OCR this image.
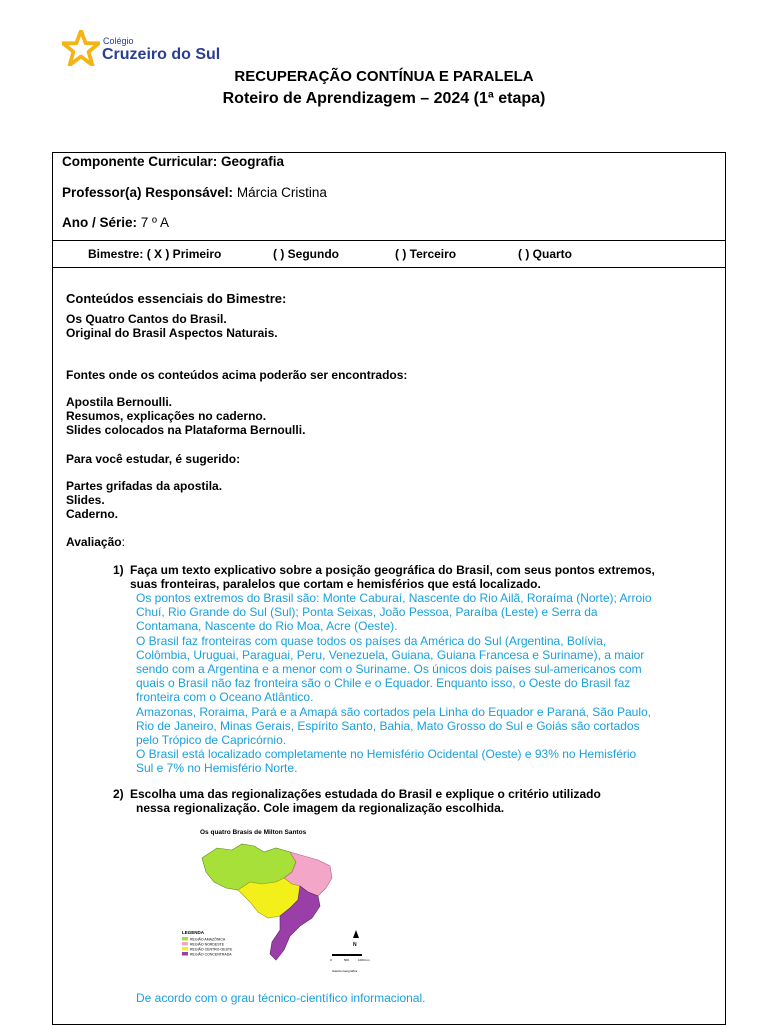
Colégio
Cruzeiro do Sul
RECUPERAÇÃO CONTÍNUA E PARALELA
Roteiro de Aprendizagem – 2024 (1ª etapa)
Componente Curricular: Geografia
Professor(a) Responsável: Márcia Cristina
Ano / Série: 7 º A
Bimestre: ( X ) Primeiro	( ) Segundo	( ) Terceiro	( ) Quarto
Conteúdos essenciais do Bimestre:
Os Quatro Cantos do Brasil.
Original do Brasil Aspectos Naturais.
Fontes onde os conteúdos acima poderão ser encontrados:
Apostila Bernoulli.
Resumos, explicações no caderno.
Slides colocados na Plataforma Bernoulli.
Para você estudar, é sugerido:
Partes grifadas da apostila.
Slides.
Caderno.
Avaliação:
1) Faça um texto explicativo sobre a posição geográfica do Brasil, com seus pontos extremos,
suas fronteiras, paralelos que cortam e hemisférios que está localizado.
Os pontos extremos do Brasil são: Monte Caburaí, Nascente do Rio Ailã, Roraíma (Norte); Arroio
Chuí, Rio Grande do Sul (Sul); Ponta Seixas, João Pessoa, Paraíba (Leste) e Serra da
Contamana, Nascente do Rio Moa, Acre (Oeste).
O Brasil faz fronteiras com quase todos os países da América do Sul (Argentina, Bolívia,
Colômbia, Uruguai, Paraguai, Peru, Venezuela, Guiana, Guiana Francesa e Suriname), a maior
sendo com a Argentina e a menor com o Suriname. Os únicos dois países sul-americanos com
quais o Brasil não faz fronteira são o Chile e o Equador. Enquanto isso, o Oeste do Brasil faz
fronteira com o Oceano Atlântico.
Amazonas, Roraima, Pará e a Amapá são cortados pela Linha do Equador e Paraná, São Paulo,
Rio de Janeiro, Minas Gerais, Espírito Santo, Bahia, Mato Grosso do Sul e Goiás são cortados
pelo Trópico de Capricórnio.
O Brasil está localizado completamente no Hemisfério Ocidental (Oeste) e 93% no Hemisfério
Sul e 7% no Hemisfério Norte.
2) Escolha uma das regionalizações estudada do Brasil e explique o critério utilizado
nessa regionalização. Cole imagem da regionalização escolhida.
De acordo com o grau técnico-científico informacional.
Os quatro Brasis de Milton Santos
LEGENDA
REGIÃO AMAZÔNICA
REGIÃO NORDESTE
REGIÃO CENTRO-OESTE
REGIÃO CONCENTRADA
N
0	500	1000 km
Gazeta Geográfica
